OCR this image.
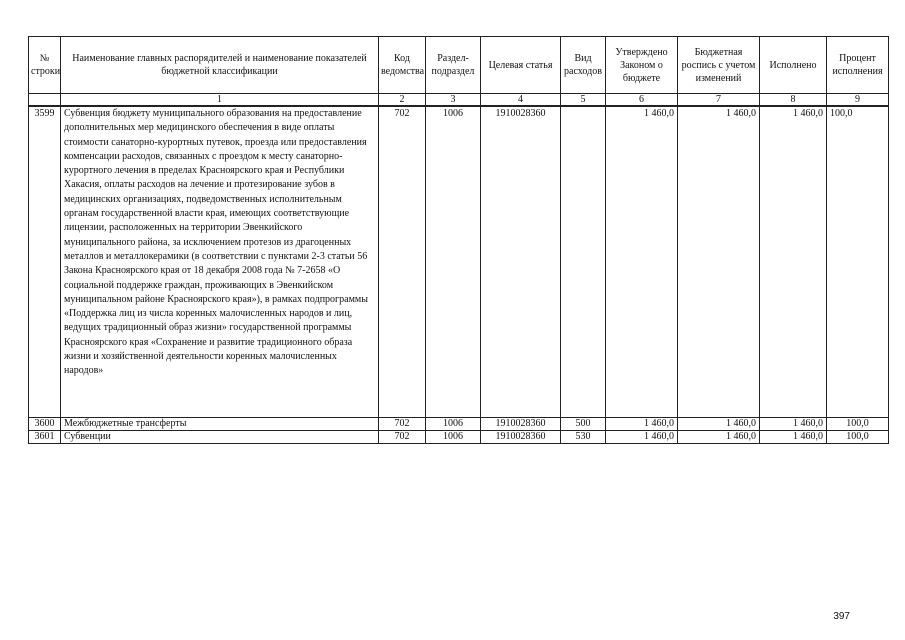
№ строки	Наименование главных распорядителей и наименование показателей бюджетной классификации	Код ведомства	Раздел-подраздел	Целевая статья	Вид расходов	Утверждено Законом о бюджете	Бюджетная роспись с учетом изменений	Исполнено	Процент исполнения
	1	2	3	4	5	6	7	8	9
3599	Субвенция бюджету муниципального образования на предоставление дополнительных мер медицинского обеспечения в виде оплаты стоимости санаторно-курортных путевок, проезда или предоставления компенсации расходов, связанных с проездом к месту санаторно-курортного лечения в пределах Красноярского края и Республики Хакасия, оплаты расходов на лечение и протезирование зубов в медицинских организациях, подведомственных исполнительным органам государственной власти края, имеющих соответствующие лицензии, расположенных на территории Эвенкийского муниципального района, за исключением протезов из драгоценных металлов и металлокерамики (в соответствии с пунктами 2-3 статьи 56 Закона Красноярского края от 18 декабря 2008 года № 7-2658 «О социальной поддержке граждан, проживающих в Эвенкийском муниципальном районе Красноярского края»), в рамках подпрограммы «Поддержка лиц из числа коренных малочисленных народов и лиц, ведущих традиционный образ жизни» государственной программы Красноярского края «Сохранение и развитие традиционного образа жизни и хозяйственной деятельности коренных малочисленных народов»	702	1006	1910028360		1 460,0	1 460,0	1 460,0	100,0
3600	Межбюджетные трансферты	702	1006	1910028360	500	1 460,0	1 460,0	1 460,0	100,0
3601	Субвенции	702	1006	1910028360	530	1 460,0	1 460,0	1 460,0	100,0
397
